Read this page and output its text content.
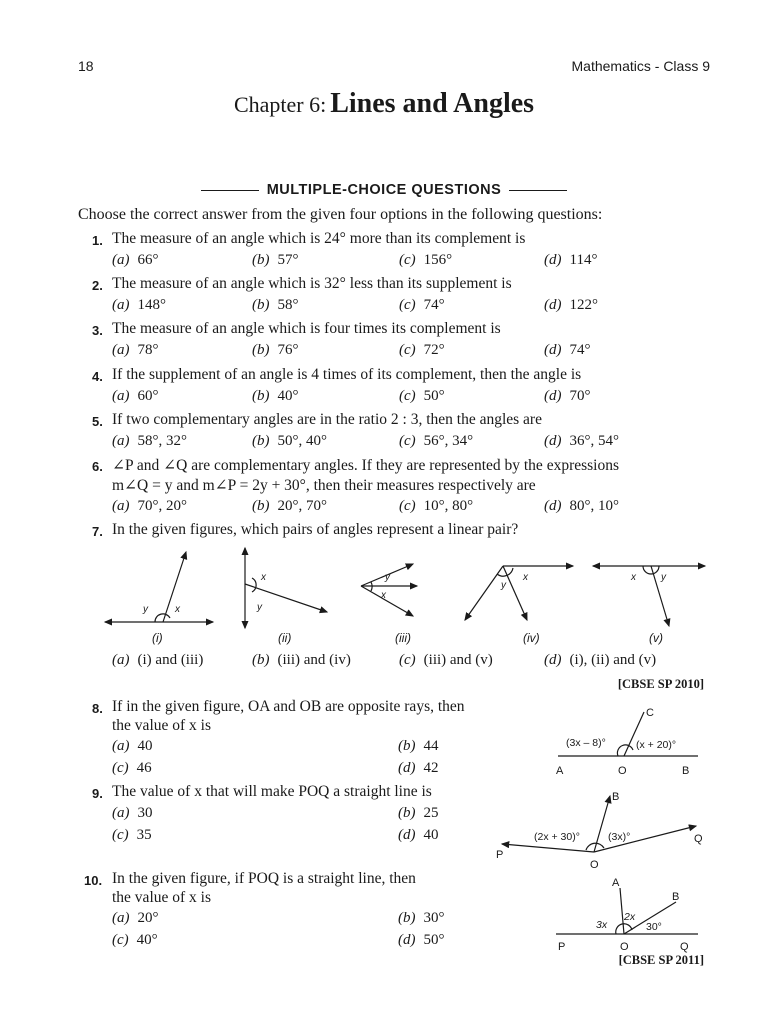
18	Mathematics - Class 9
Chapter 6: Lines and Angles
MULTIPLE-CHOICE QUESTIONS
Choose the correct answer from the given four options in the following questions:
y	x
x
y
y
x
y
x	x	y
(i)	(ii)	(iii)	(iv)	(v)
A	O	B
C
(3x – 8)°	(x + 20)°
P
O
Q
B
(2x + 30)°	(3x)°
P	O	Q
A
B
3x
2x
30°
1. The measure of an angle which is 24° more than its complement is
(a) 66°	(b) 57°	(c) 156°	(d) 114°
2. The measure of an angle which is 32° less than its supplement is
(a) 148°	(b) 58°	(c) 74°	(d) 122°
3. The measure of an angle which is four times its complement is
(a) 78°	(b) 76°	(c) 72°	(d) 74°
4. If the supplement of an angle is 4 times of its complement, then the angle is
(a) 60°	(b) 40°	(c) 50°	(d) 70°
5. If two complementary angles are in the ratio 2 : 3, then the angles are
(a) 58°, 32°	(b) 50°, 40°	(c) 56°, 34°	(d) 36°, 54°
6. ∠P and ∠Q are complementary angles. If they are represented by the expressions
m∠Q = y and m∠P = 2y + 30°, then their measures respectively are
(a) 70°, 20°	(b) 20°, 70°	(c) 10°, 80°	(d) 80°, 10°
7. In the given figures, which pairs of angles represent a linear pair?
(a) (i) and (iii)	(b) (iii) and (iv)	(c) (iii) and (v)	(d) (i), (ii) and (v)
[CBSE SP 2010]
8. If in the given figure, OA and OB are opposite rays, then
the value of x is
(a) 40	(b) 44
(c) 46	(d) 42
9. The value of x that will make POQ a straight line is
(a) 30	(b) 25
(c) 35	(d) 40
10. In the given figure, if POQ is a straight line, then
the value of x is
(a) 20°	(b) 30°
(c) 40°	(d) 50°
[CBSE SP 2011]
